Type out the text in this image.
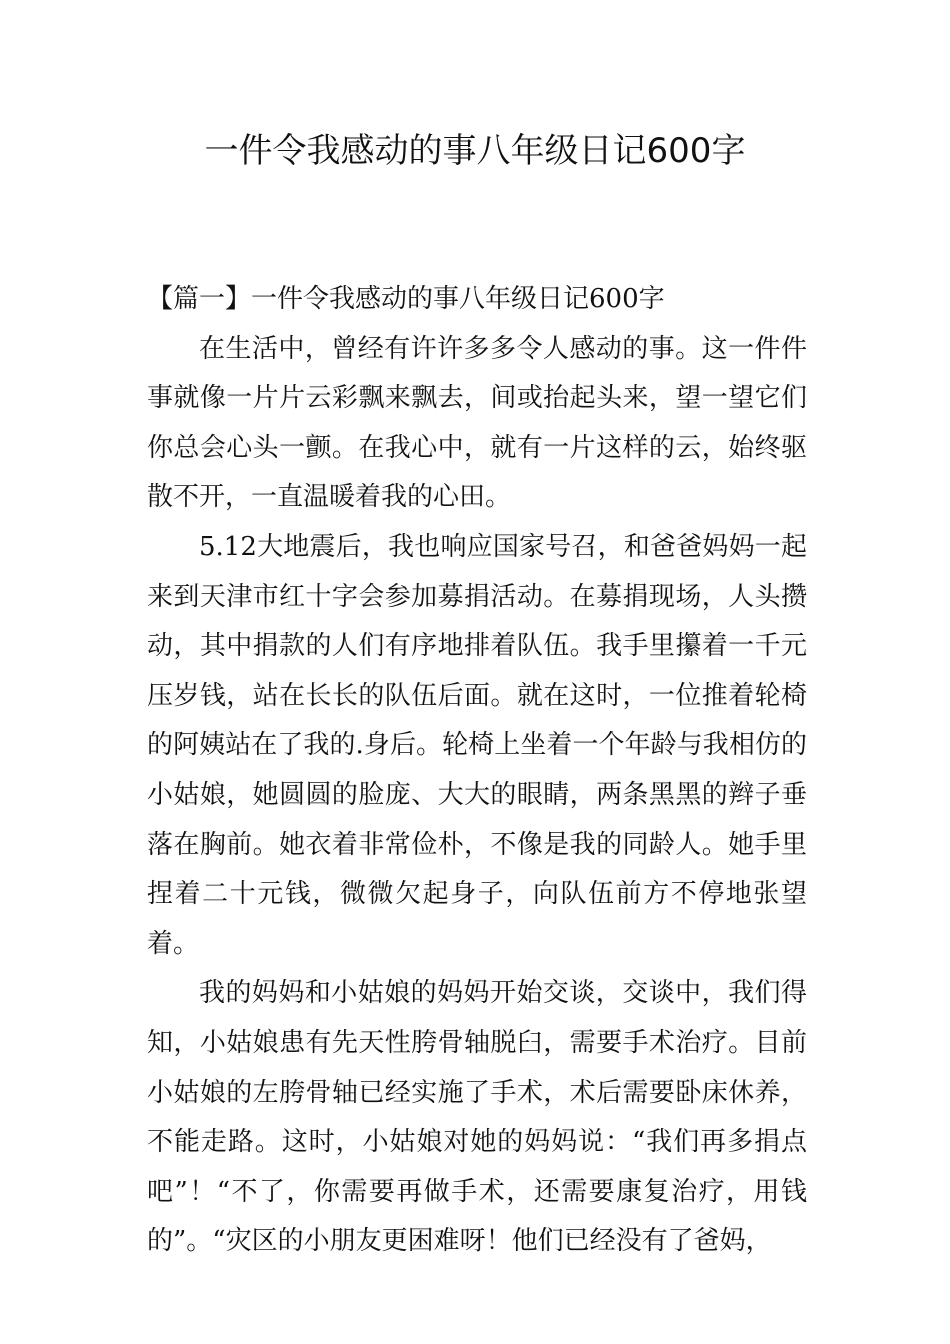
一件令我感动的事八年级日记600字

【篇一】一件令我感动的事八年级日记600字

在生活中，曾经有许许多多令人感动的事。这一件件事就像一片片云彩飘来飘去，间或抬起头来，望一望它们你总会心头一颤。在我心中，就有一片这样的云，始终驱散不开，一直温暖着我的心田。

5.12大地震后，我也响应国家号召，和爸爸妈妈一起来到天津市红十字会参加募捐活动。在募捐现场，人头攒动，其中捐款的人们有序地排着队伍。我手里攥着一千元压岁钱，站在长长的队伍后面。就在这时，一位推着轮椅的阿姨站在了我的.身后。轮椅上坐着一个年龄与我相仿的小姑娘，她圆圆的脸庞、大大的眼睛，两条黑黑的辫子垂落在胸前。她衣着非常俭朴，不像是我的同龄人。她手里捏着二十元钱，微微欠起身子，向队伍前方不停地张望着。

我的妈妈和小姑娘的妈妈开始交谈，交谈中，我们得知，小姑娘患有先天性胯骨轴脱臼，需要手术治疗。目前小姑娘的左胯骨轴已经实施了手术，术后需要卧床休养，不能走路。这时，小姑娘对她的妈妈说：“我们再多捐点吧”！“不了，你需要再做手术，还需要康复治疗，用钱的”。“灾区的小朋友更困难呀！他们已经没有了爸妈，
